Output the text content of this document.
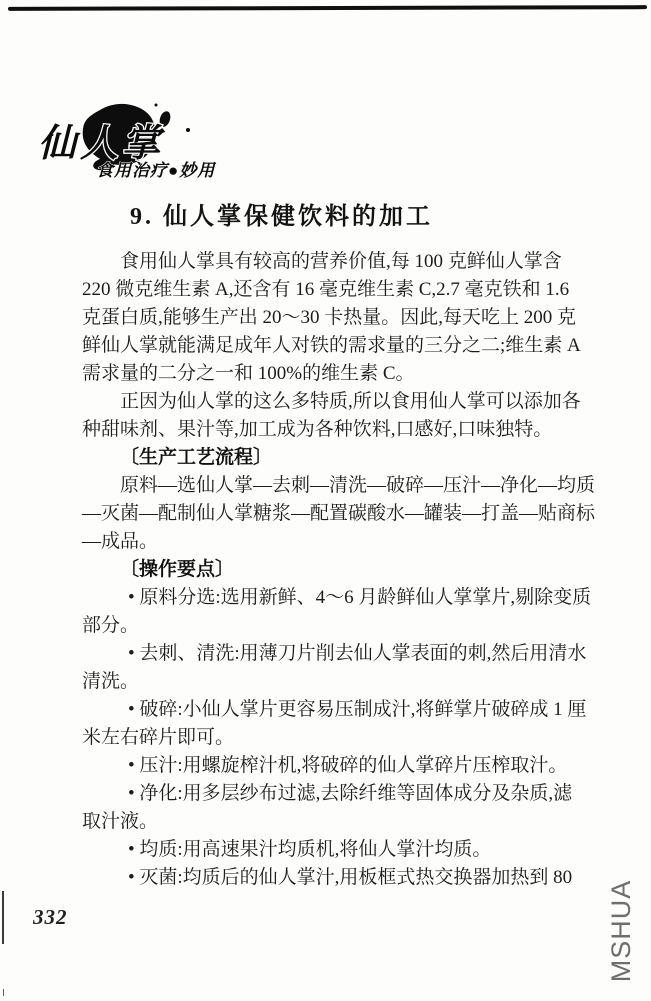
仙人掌
食用治疗●妙用
9. 仙人掌保健饮料的加工
食用仙人掌具有较高的营养价值,每 100 克鲜仙人掌含
220 微克维生素 A,还含有 16 毫克维生素 C,2.7 毫克铁和 1.6
克蛋白质,能够生产出 20～30 卡热量。因此,每天吃上 200 克
鲜仙人掌就能满足成年人对铁的需求量的三分之二;维生素 A
需求量的二分之一和 100%的维生素 C。
正因为仙人掌的这么多特质,所以食用仙人掌可以添加各
种甜味剂、果汁等,加工成为各种饮料,口感好,口味独特。
〔生产工艺流程〕
原料—选仙人掌—去刺—清洗—破碎—压汁—净化—均质
—灭菌—配制仙人掌糖浆—配置碳酸水—罐装—打盖—贴商标
—成品。
〔操作要点〕
• 原料分选:选用新鲜、4～6 月龄鲜仙人掌掌片,剔除变质
部分。
• 去刺、清洗:用薄刀片削去仙人掌表面的刺,然后用清水
清洗。
• 破碎:小仙人掌片更容易压制成汁,将鲜掌片破碎成 1 厘
米左右碎片即可。
• 压汁:用螺旋榨汁机,将破碎的仙人掌碎片压榨取汁。
• 净化:用多层纱布过滤,去除纤维等固体成分及杂质,滤
取汁液。
• 均质:用高速果汁均质机,将仙人掌汁均质。
• 灭菌:均质后的仙人掌汁,用板框式热交换器加热到 80
332	MSHUA
